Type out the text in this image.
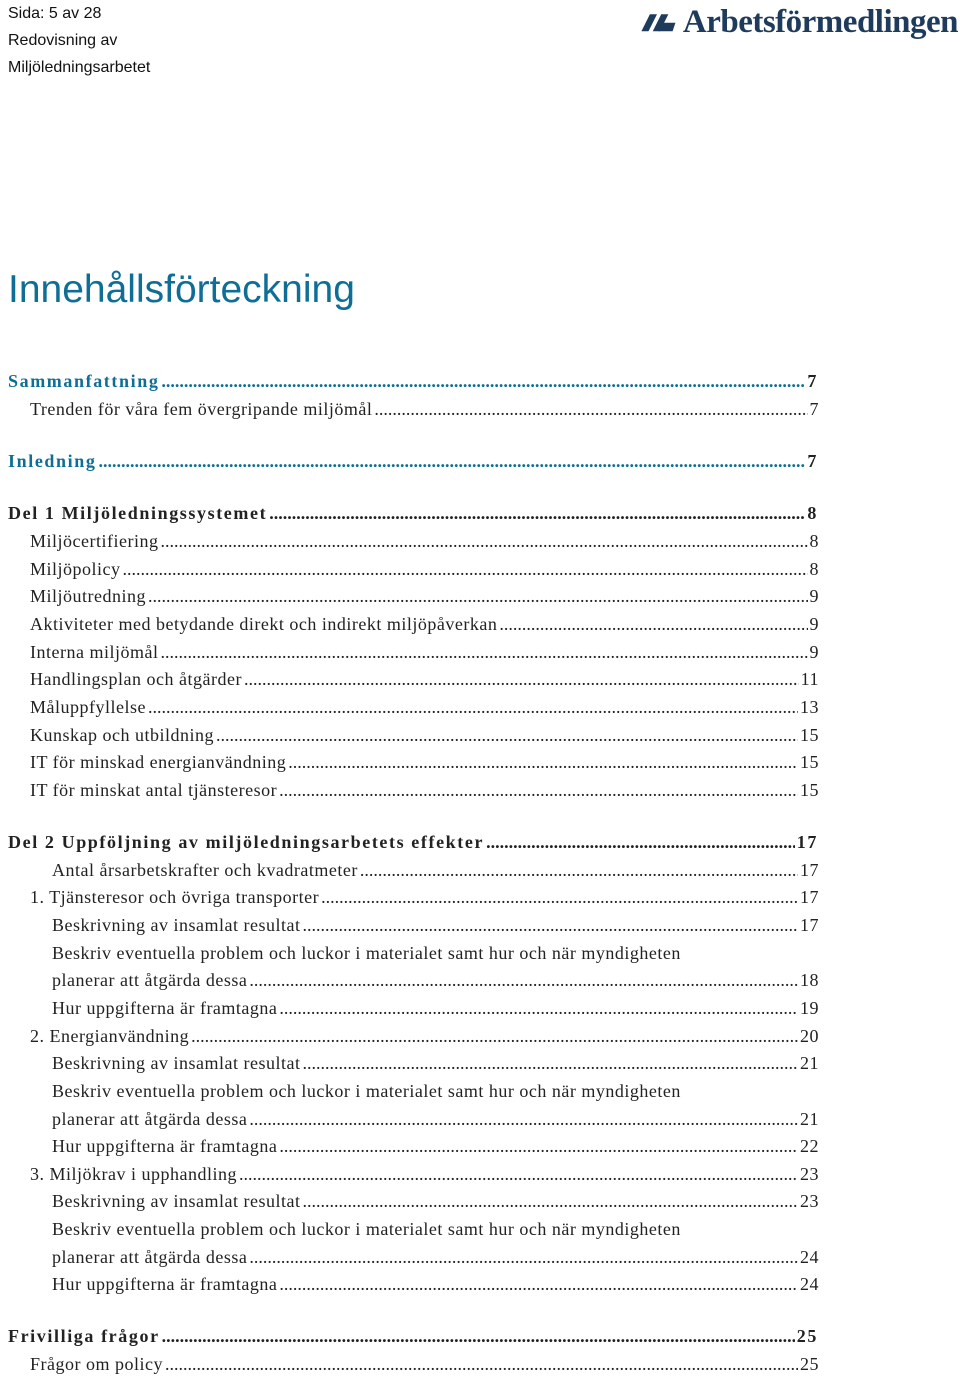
Sida: 5 av 28
Redovisning av
Miljöledningsarbetet
Arbetsförmedlingen
Innehållsförteckning
Sammanfattning .....	7
Trenden för våra fem övergripande miljömål .....	7
Inledning .....	7
Del 1 Miljöledningssystemet .....	8
Miljöcertifiering .....	8
Miljöpolicy .....	8
Miljöutredning .....	9
Aktiviteter med betydande direkt och indirekt miljöpåverkan .....	9
Interna miljömål .....	9
Handlingsplan och åtgärder .....	11
Måluppfyllelse .....	13
Kunskap och utbildning .....	15
IT för minskad energianvändning .....	15
IT för minskat antal tjänsteresor .....	15
Del 2 Uppföljning av miljöledningsarbetets effekter .....	17
Antal årsarbetskrafter och kvadratmeter .....	17
1. Tjänsteresor och övriga transporter .....	17
Beskrivning av insamlat resultat .....	17
Beskriv eventuella problem och luckor i materialet samt hur och när myndigheten
planerar att åtgärda dessa .....	18
Hur uppgifterna är framtagna .....	19
2. Energianvändning .....	20
Beskrivning av insamlat resultat .....	21
Beskriv eventuella problem och luckor i materialet samt hur och när myndigheten
planerar att åtgärda dessa .....	21
Hur uppgifterna är framtagna .....	22
3. Miljökrav i upphandling .....	23
Beskrivning av insamlat resultat .....	23
Beskriv eventuella problem och luckor i materialet samt hur och när myndigheten
planerar att åtgärda dessa .....	24
Hur uppgifterna är framtagna .....	24
Frivilliga frågor .....	25
Frågor om policy .....	25
